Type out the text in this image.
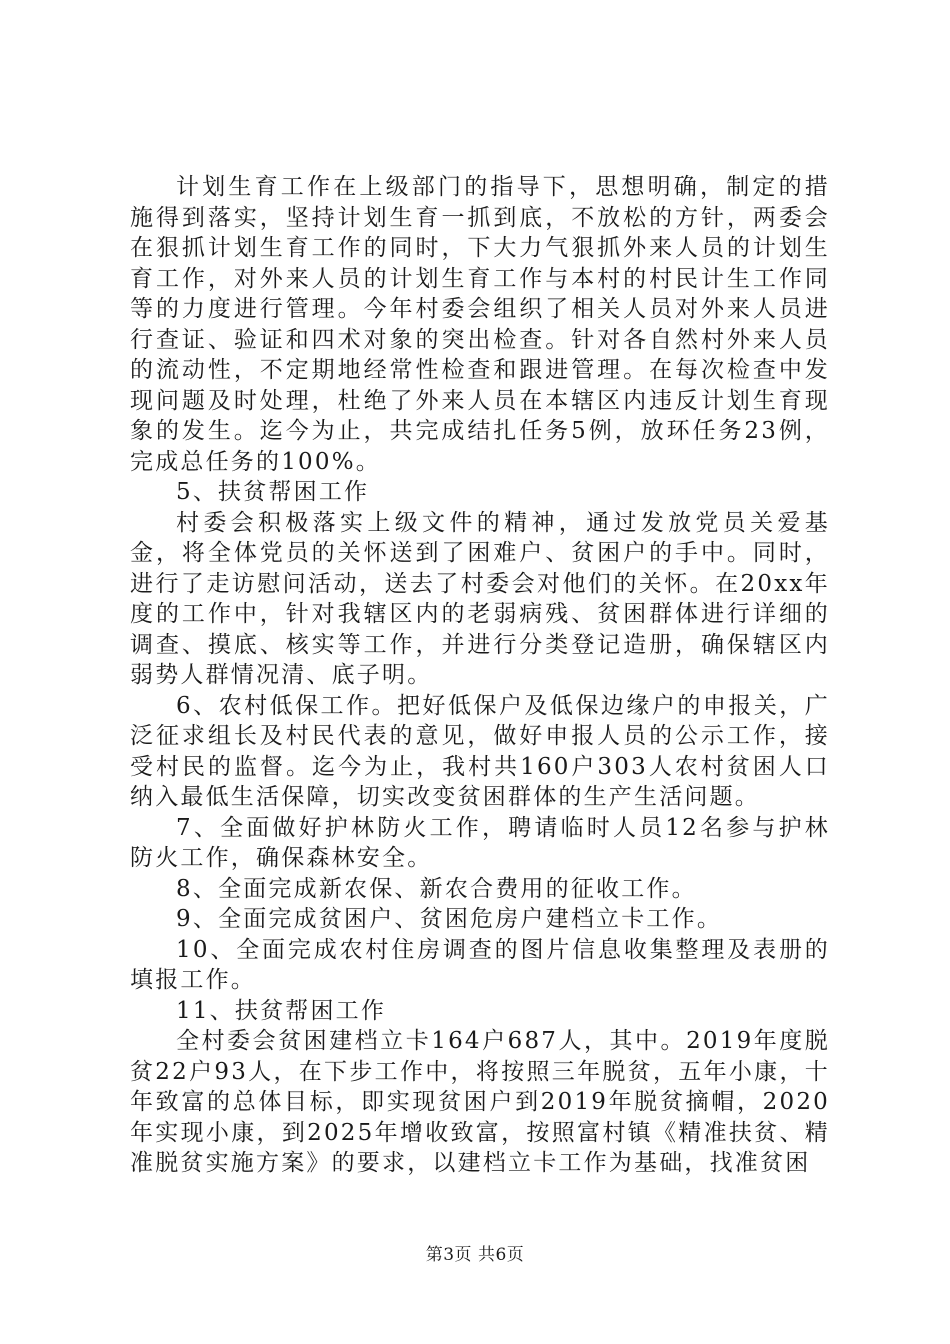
计划生育工作在上级部门的指导下，思想明确，制定的措施得到落实，坚持计划生育一抓到底，不放松的方针，两委会在狠抓计划生育工作的同时，下大力气狠抓外来人员的计划生育工作，对外来人员的计划生育工作与本村的村民计生工作同等的力度进行管理。今年村委会组织了相关人员对外来人员进行查证、验证和四术对象的突出检查。针对各自然村外来人员的流动性，不定期地经常性检查和跟进管理。在每次检查中发现问题及时处理，杜绝了外来人员在本辖区内违反计划生育现象的发生。迄今为止，共完成结扎任务5例，放环任务23例，完成总任务的100%。

5、扶贫帮困工作

村委会积极落实上级文件的精神，通过发放党员关爱基金，将全体党员的关怀送到了困难户、贫困户的手中。同时，进行了走访慰问活动，送去了村委会对他们的关怀。在20xx年度的工作中，针对我辖区内的老弱病残、贫困群体进行详细的调查、摸底、核实等工作，并进行分类登记造册，确保辖区内弱势人群情况清、底子明。

6、农村低保工作。把好低保户及低保边缘户的申报关，广泛征求组长及村民代表的意见，做好申报人员的公示工作，接受村民的监督。迄今为止，我村共160户303人农村贫困人口纳入最低生活保障，切实改变贫困群体的生产生活问题。

7、全面做好护林防火工作，聘请临时人员12名参与护林防火工作，确保森林安全。

8、全面完成新农保、新农合费用的征收工作。

9、全面完成贫困户、贫困危房户建档立卡工作。

10、全面完成农村住房调查的图片信息收集整理及表册的填报工作。

11、扶贫帮困工作

全村委会贫困建档立卡164户687人，其中。2019年度脱贫22户93人，在下步工作中，将按照三年脱贫，五年小康，十年致富的总体目标，即实现贫困户到2019年脱贫摘帽，2020年实现小康，到2025年增收致富，按照富村镇《精准扶贫、精准脱贫实施方案》的要求，以建档立卡工作为基础，找准贫困

第3页 共6页
